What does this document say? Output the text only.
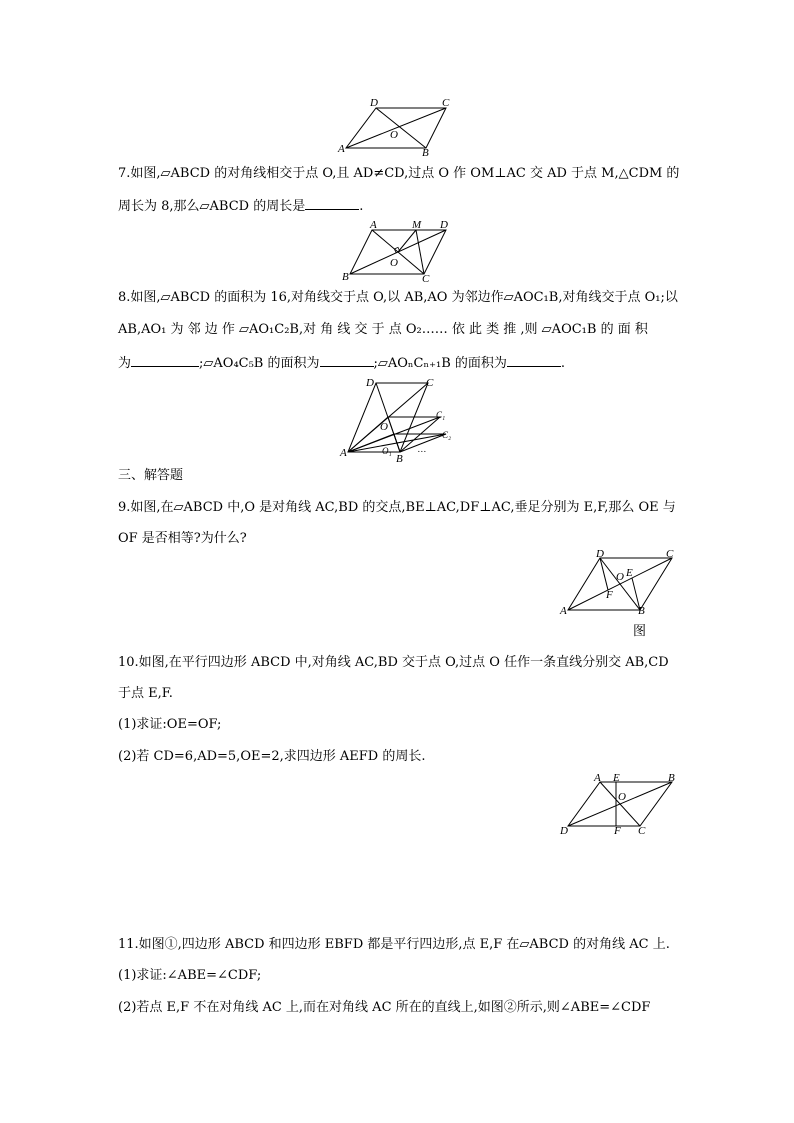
D	C
A	B
O
7.如图,▱ABCD 的对角线相交于点 O,且 AD≠CD,过点 O 作 OM⊥AC 交 AD 于点 M,△CDM 的
周长为 8,那么▱ABCD 的周长是	.
A	M D
B	C
O
8.如图,▱ABCD 的面积为 16,对角线交于点 O,以 AB,AO 为邻边作▱AOC₁B,对角线交于点 O₁;以
AB,AO₁ 为 邻 边 作 ▱AO₁C₂B,对 角 线 交 于 点 O₂…… 依 此 类 推 ,则 ▱AOC₁B 的 面 积
为	;▱AO₄C₅B 的面积为	;▱AOₙCₙ₊₁B 的面积为	.
D	C
A	B
O
O₁
C₁
C₂
…
三、解答题
9.如图,在▱ABCD 中,O 是对角线 AC,BD 的交点,BE⊥AC,DF⊥AC,垂足分别为 E,F,那么 OE 与
OF 是否相等?为什么?
D	C
A	B
O E
F
图
10.如图,在平行四边形 ABCD 中,对角线 AC,BD 交于点 O,过点 O 任作一条直线分别交 AB,CD
于点 E,F.
(1)求证:OE=OF;
(2)若 CD=6,AD=5,OE=2,求四边形 AEFD 的周长.
A E	B
D	F C
O
11.如图①,四边形 ABCD 和四边形 EBFD 都是平行四边形,点 E,F 在▱ABCD 的对角线 AC 上.
(1)求证:∠ABE=∠CDF;
(2)若点 E,F 不在对角线 AC 上,而在对角线 AC 所在的直线上,如图②所示,则∠ABE=∠CDF
